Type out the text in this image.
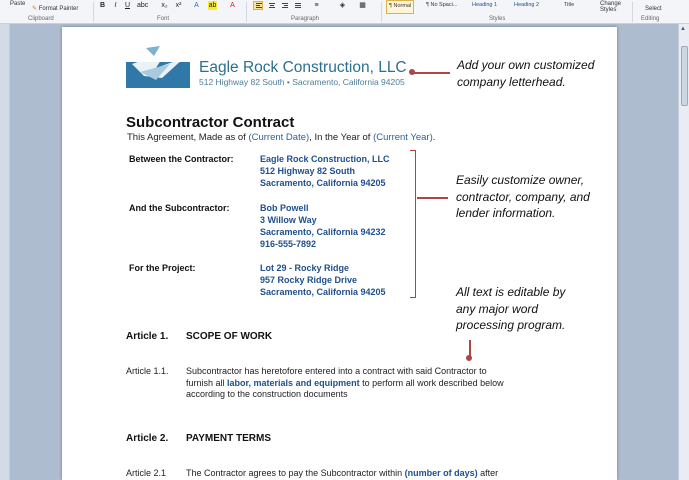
Paste
✎ Format Painter
Clipboard
B	I	U abc x₂ x²	A	ab	A
Font
≡	◈ ▦
Paragraph
¶ Normal	¶ No Spaci...	Heading 1	Heading 2	Title
Styles
Change Styles	Select
Editing
▲
Eagle Rock Construction, LLC
512 Highway 82 South • Sacramento, California 94205
Add your own customized
company letterhead.
Subcontractor Contract
This Agreement, Made as of (Current Date), In the Year of (Current Year).
Between the Contractor:	Eagle Rock Construction, LLC
512 Highway 82 South
Sacramento, California 94205
And the Subcontractor:	Bob Powell
3 Willow Way
Sacramento, California 94232
916-555-7892
For the Project:	Lot 29 - Rocky Ridge
957 Rocky Ridge Drive
Sacramento, California 94205
Easily customize owner,
contractor, company, and
lender information.
All text is editable by
any major word
processing program.
Article 1. SCOPE OF WORK
Article 1.1. Subcontractor has heretofore entered into a contract with said Contractor to
furnish all labor, materials and equipment to perform all work described below
according to the construction documents
Article 2. PAYMENT TERMS
Article 2.1 The Contractor agrees to pay the Subcontractor within (number of days) after
